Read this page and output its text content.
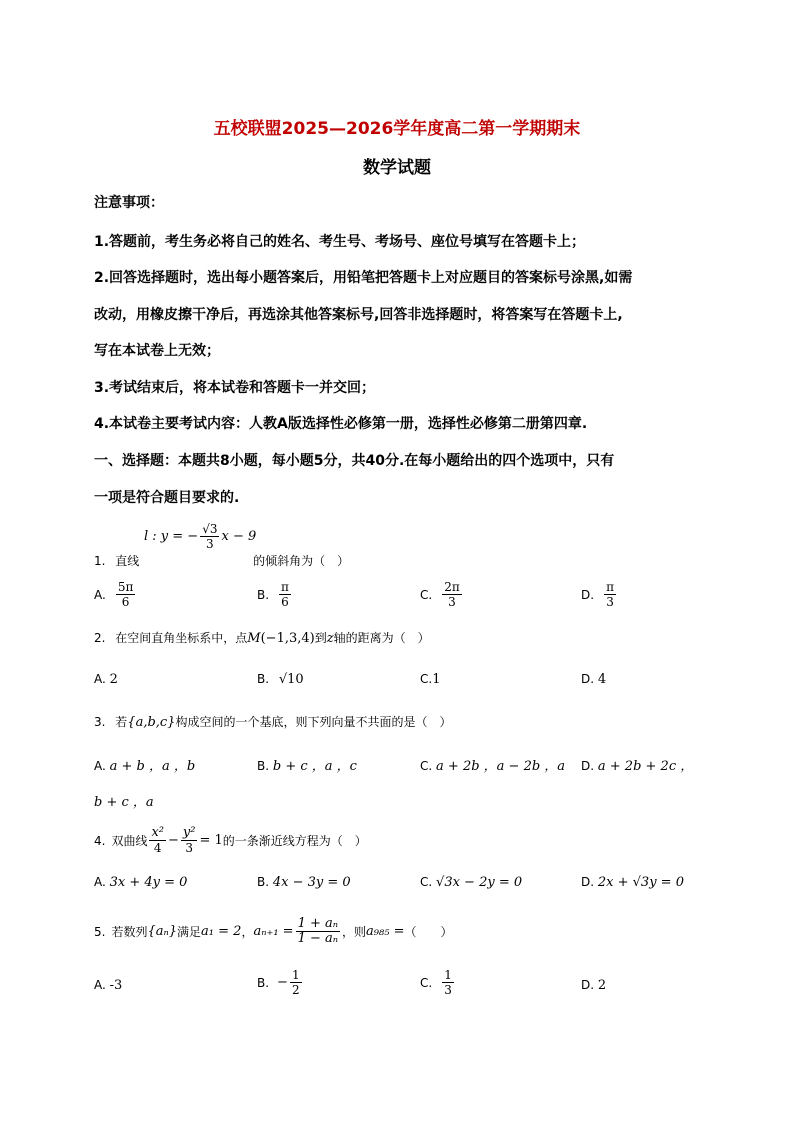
五校联盟2025—2026学年度高二第一学期期末
数学试题
注意事项：
1.答题前，考生务必将自己的姓名、考生号、考场号、座位号填写在答题卡上；
2.回答选择题时，选出每小题答案后，用铅笔把答题卡上对应题目的答案标号涂黑,如需
改动，用橡皮擦干净后，再选涂其他答案标号,回答非选择题时，将答案写在答题卡上,
写在本试卷上无效；
3.考试结束后，将本试卷和答题卡一并交回；
4.本试卷主要考试内容：人教A版选择性必修第一册，选择性必修第二册第四章.
一、选择题：本题共8小题，每小题5分，共40分.在每小题给出的四个选项中，只有
一项是符合题目要求的.
l : y = − $\frac{√3}{3}$ x − 9
1. 直线	的倾斜角为（　）
A. $\frac{5\pi}{6}$	B. $\frac{\pi}{6}$	C. $\frac{2\pi}{3}$	D. $\frac{\pi}{3}$
2. 在空间直角坐标系中，点M(−1,3,4)到z轴的距离为（　）
A. 2	B. √10	C.1	D. 4
3. 若{a,b,c}构成空间的一个基底，则下列向量不共面的是（　）
A. a + b ，a ，b	B. b + c ，a ，c	C. a + 2b ，a − 2b ，a D. a + 2b + 2c ，
b + c ，a
4. 双曲线 $\frac{\text{x²}}{4} - \frac{\text{y²}}{3} = 1$ 的一条渐近线方程为（　）
A. 3x + 4y = 0	B. 4x − 3y = 0	C. √3x − 2y = 0	D. 2x + √3y = 0
5. 若数列 {aₙ} 满足 a₁ = 2 ， $a_{n+1} = \frac{\text{1 + aₙ}}{\text{1 − aₙ}}$ ，则 a₉₈₅ = （　　）
A. -3	B. − $\frac{1}{2}$	C. $\frac{1}{3}$	D. 2
